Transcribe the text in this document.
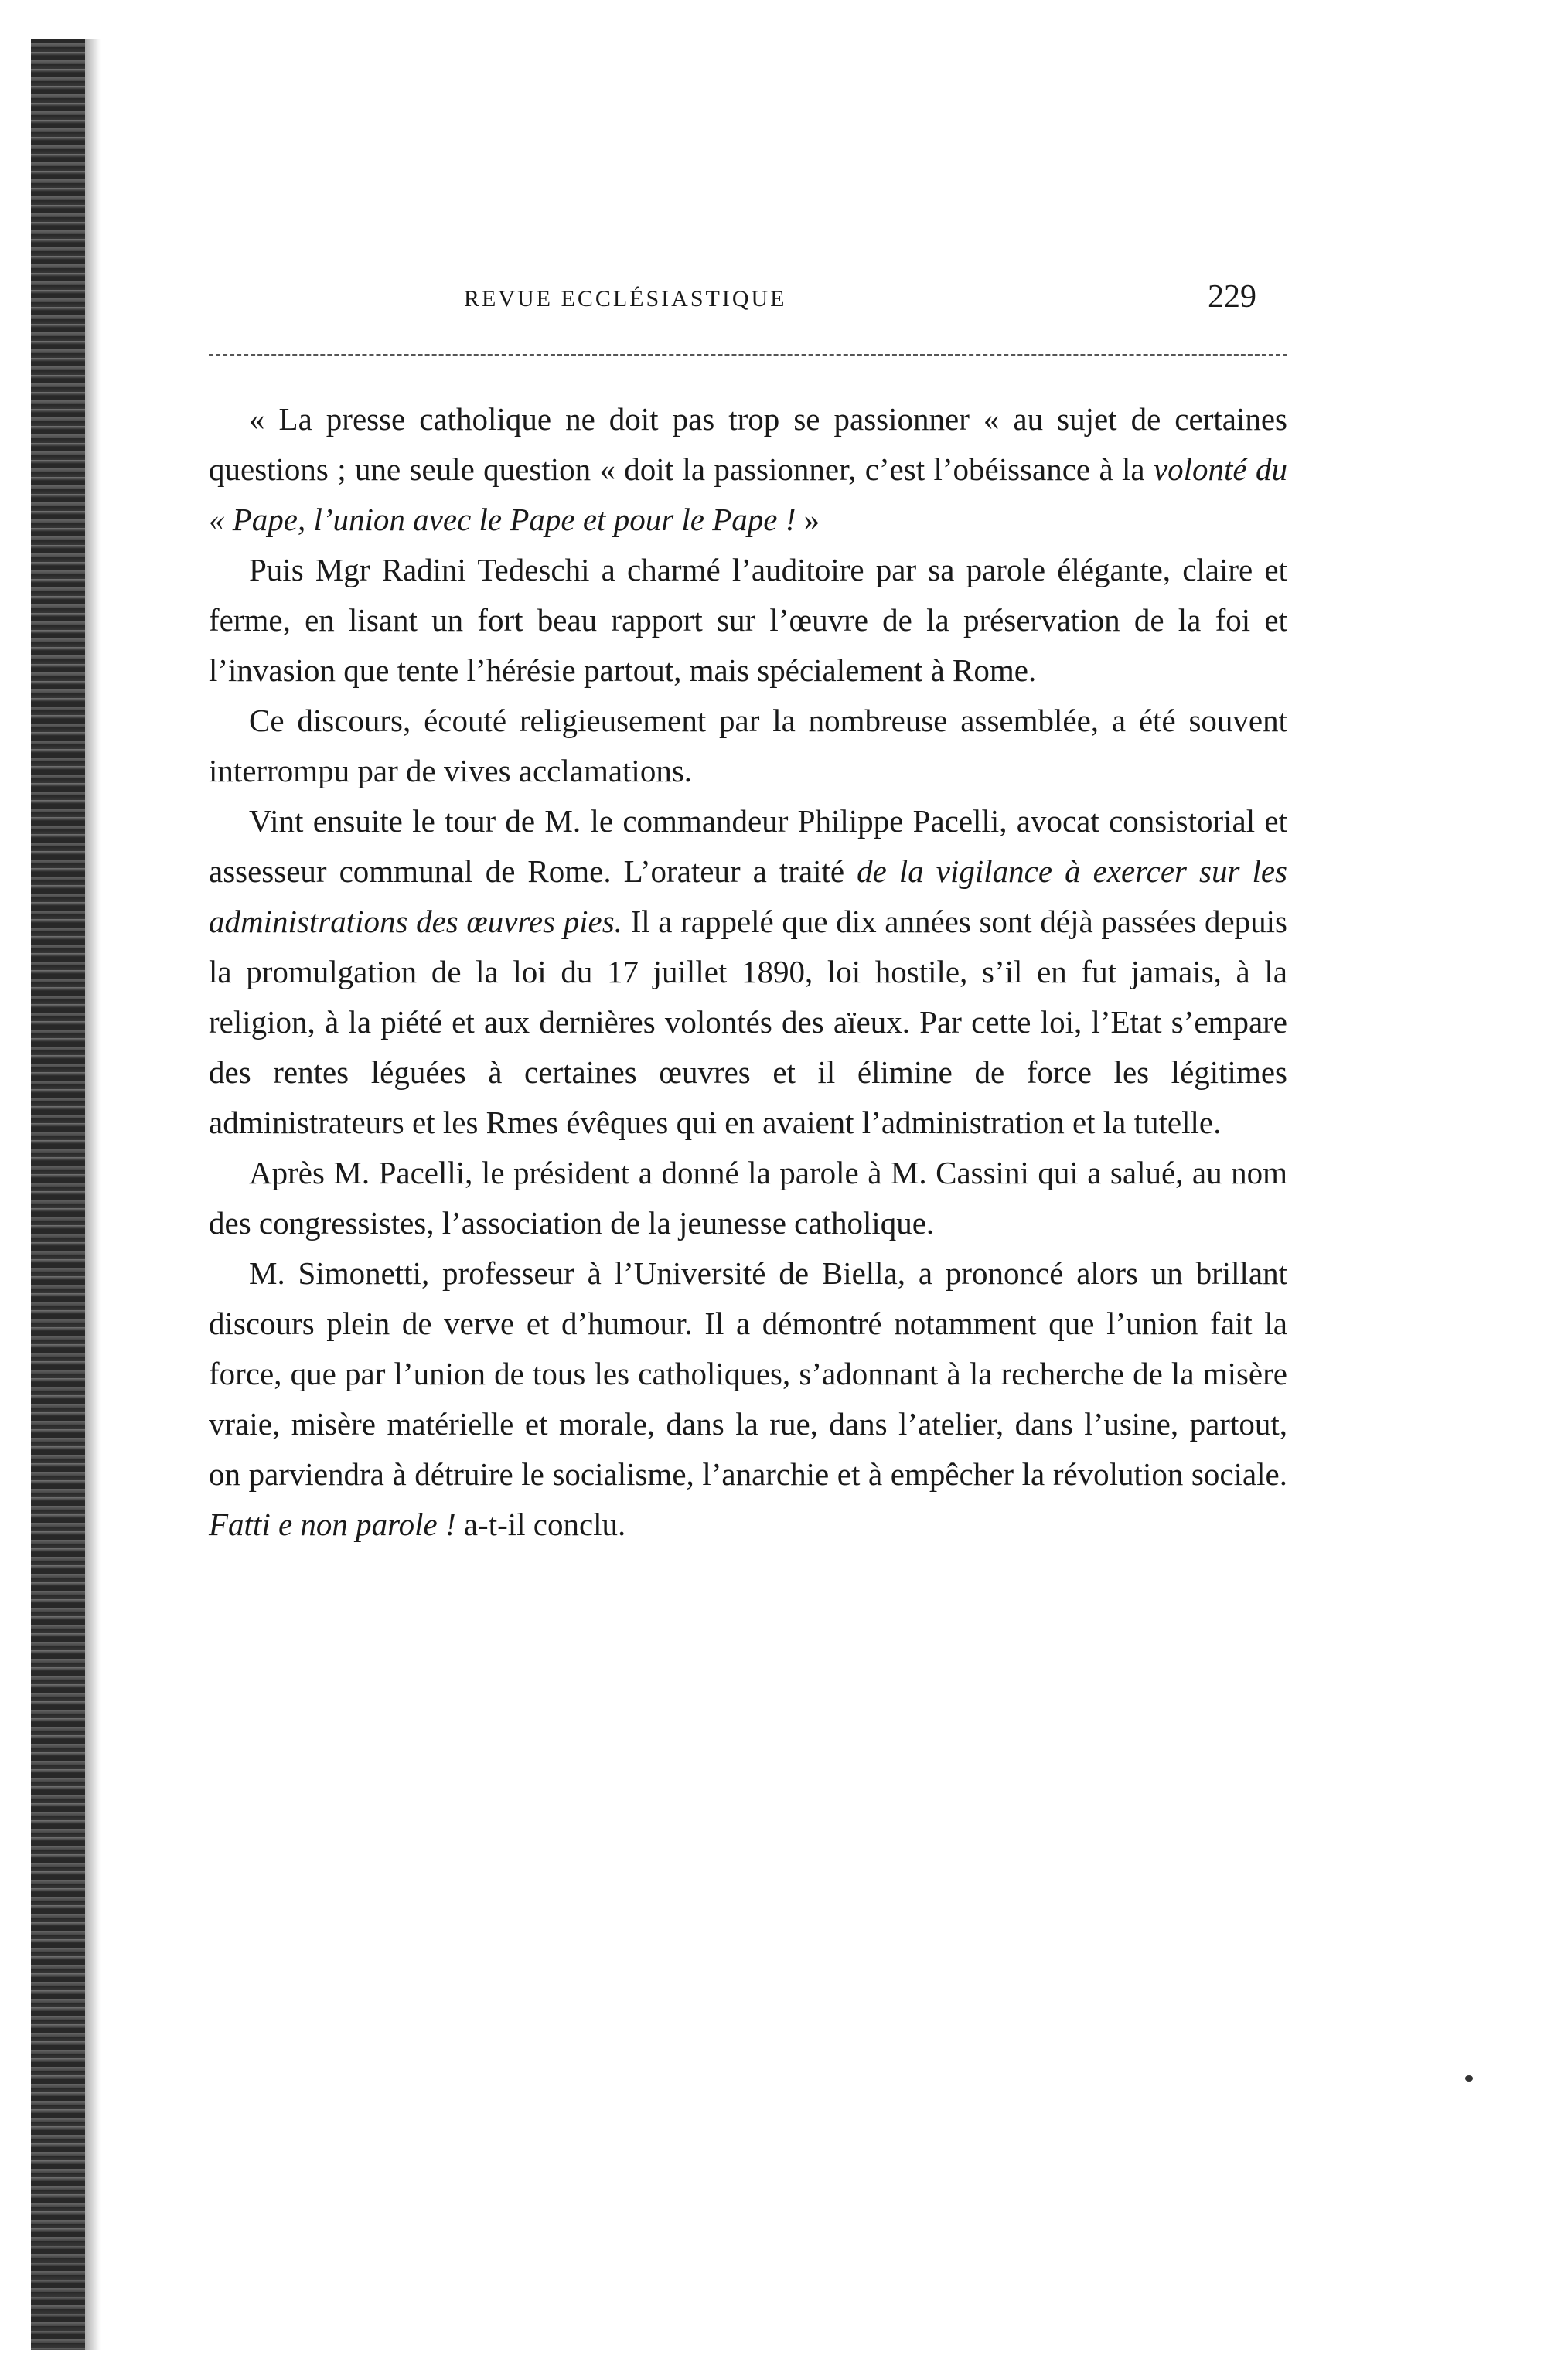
REVUE ECCLÉSIASTIQUE	229

« La presse catholique ne doit pas trop se passionner « au sujet de certaines questions ; une seule question « doit la passionner, c’est l’obéissance à la volonté du « Pape, l’union avec le Pape et pour le Pape ! »

Puis Mgr Radini Tedeschi a charmé l’auditoire par sa parole élégante, claire et ferme, en lisant un fort beau rapport sur l’œuvre de la préservation de la foi et l’invasion que tente l’hérésie partout, mais spécialement à Rome.

Ce discours, écouté religieusement par la nombreuse assemblée, a été souvent interrompu par de vives acclamations.

Vint ensuite le tour de M. le commandeur Philippe Pacelli, avocat consistorial et assesseur communal de Rome. L’orateur a traité de la vigilance à exercer sur les administrations des œuvres pies. Il a rappelé que dix années sont déjà passées depuis la promulgation de la loi du 17 juillet 1890, loi hostile, s’il en fut jamais, à la religion, à la piété et aux dernières volontés des aïeux. Par cette loi, l’Etat s’empare des rentes léguées à certaines œuvres et il élimine de force les légitimes administrateurs et les Rmes évêques qui en avaient l’administration et la tutelle.

Après M. Pacelli, le président a donné la parole à M. Cassini qui a salué, au nom des congressistes, l’association de la jeunesse catholique.

M. Simonetti, professeur à l’Université de Biella, a prononcé alors un brillant discours plein de verve et d’humour. Il a démontré notamment que l’union fait la force, que par l’union de tous les catholiques, s’adonnant à la recherche de la misère vraie, misère matérielle et morale, dans la rue, dans l’atelier, dans l’usine, partout, on parviendra à détruire le socialisme, l’anarchie et à empêcher la révolution sociale. Fatti e non parole ! a-t-il conclu.
